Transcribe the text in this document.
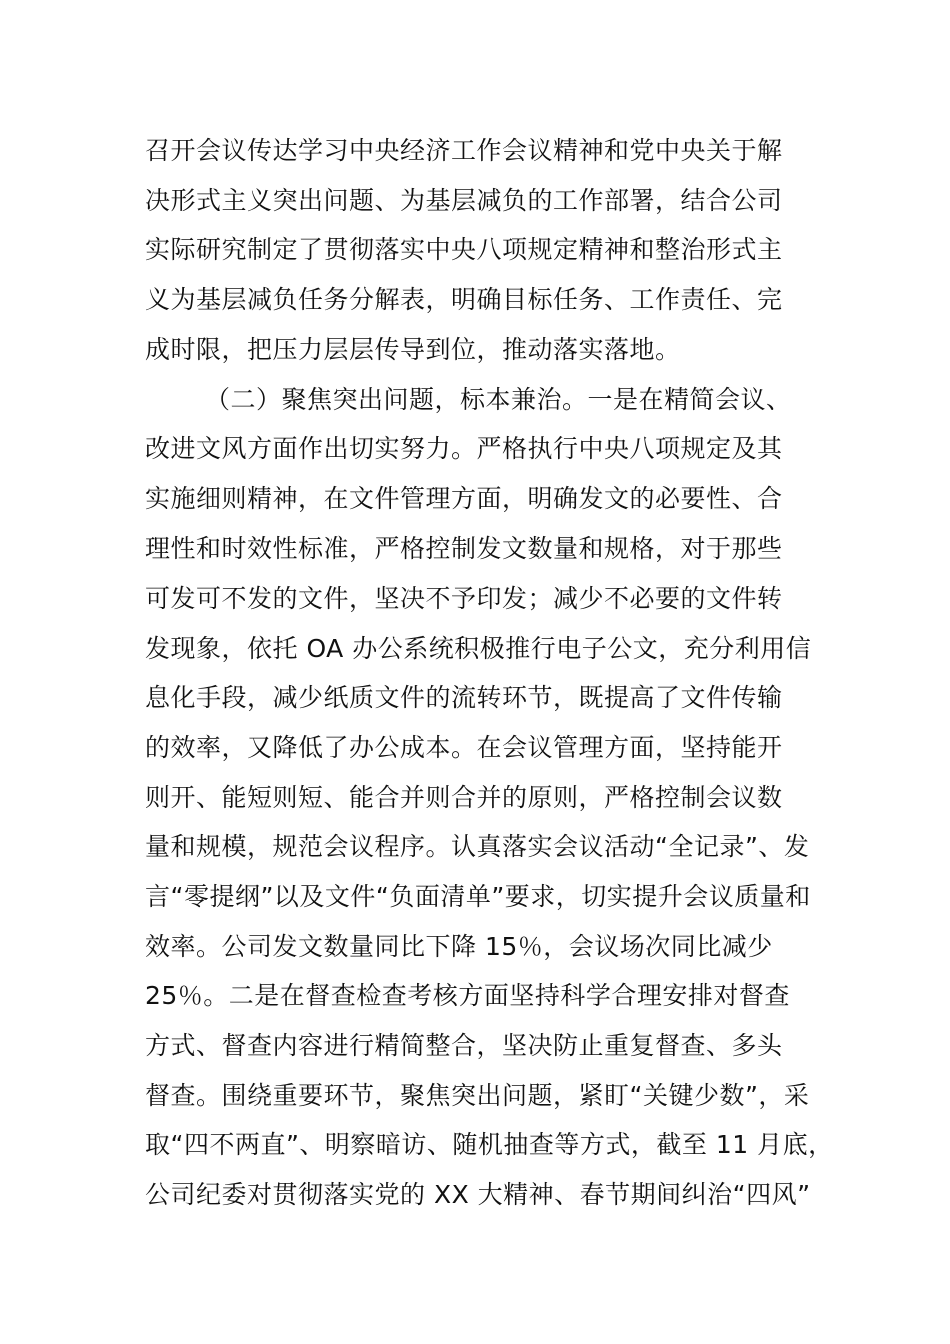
召开会议传达学习中央经济工作会议精神和党中央关于解
决形式主义突出问题、为基层减负的工作部署，结合公司
实际研究制定了贯彻落实中央八项规定精神和整治形式主
义为基层减负任务分解表，明确目标任务、工作责任、完
成时限，把压力层层传导到位，推动落实落地。
（二）聚焦突出问题，标本兼治。一是在精简会议、
改进文风方面作出切实努力。严格执行中央八项规定及其
实施细则精神，在文件管理方面，明确发文的必要性、合
理性和时效性标准，严格控制发文数量和规格，对于那些
可发可不发的文件，坚决不予印发；减少不必要的文件转
发现象，依托 OA 办公系统积极推行电子公文，充分利用信
息化手段，减少纸质文件的流转环节，既提高了文件传输
的效率，又降低了办公成本。在会议管理方面，坚持能开
则开、能短则短、能合并则合并的原则，严格控制会议数
量和规模，规范会议程序。认真落实会议活动“全记录”、发
言“零提纲”以及文件“负面清单”要求，切实提升会议质量和
效率。公司发文数量同比下降 15％，会议场次同比减少
25％。二是在督查检查考核方面坚持科学合理安排对督查
方式、督查内容进行精简整合，坚决防止重复督查、多头
督查。围绕重要环节，聚焦突出问题，紧盯“关键少数”，采
取“四不两直”、明察暗访、随机抽查等方式，截至 11 月底，
公司纪委对贯彻落实党的 XX 大精神、春节期间纠治“四风”
